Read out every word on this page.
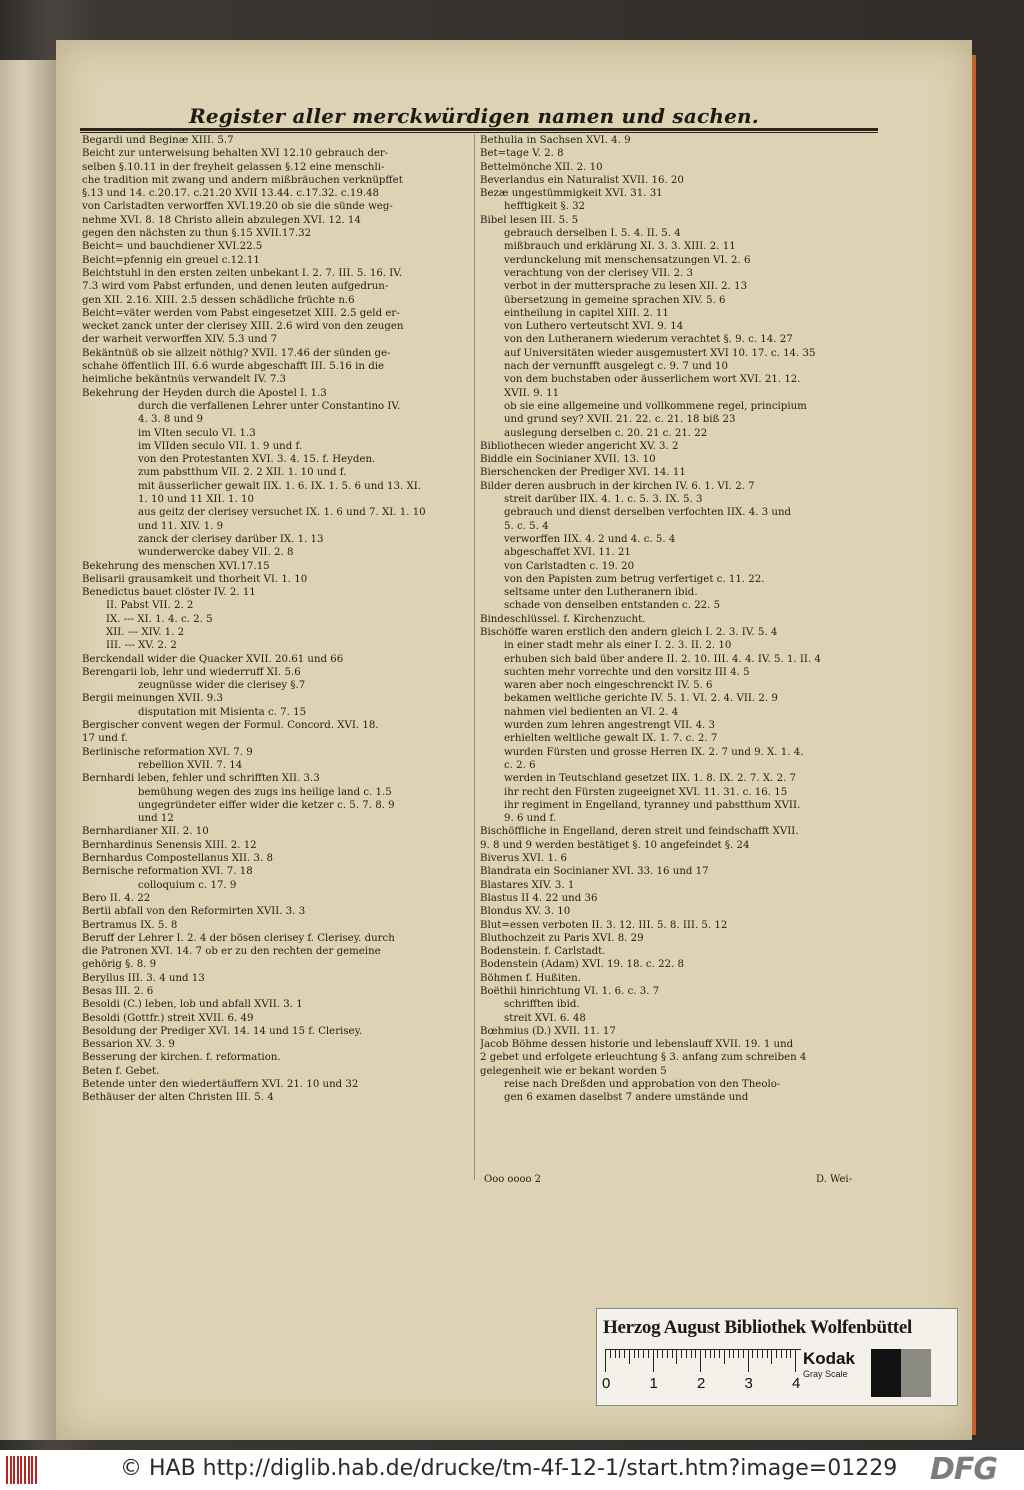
Register aller merckwürdigen namen und sachen.
Begardi und Beginæ XIII. 5.7
Beicht zur unterweisung behalten XVI 12.10 gebrauch der-
selben §.10.11 in der freyheit gelassen §.12 eine menschli-
che tradition mit zwang und andern mißbräuchen verknüpffet
§.13 und 14. c.20.17. c.21.20 XVII 13.44. c.17.32. c.19.48
von Carlstadten verworffen XVI.19.20 ob sie die sünde weg-
nehme XVI. 8. 18 Christo allein abzulegen XVI. 12. 14
gegen den nächsten zu thun §.15 XVII.17.32
Beicht= und bauchdiener XVI.22.5
Beicht=pfennig ein greuel c.12.11
Beichtstuhl in den ersten zeiten unbekant I. 2. 7. III. 5. 16. IV.
7.3 wird vom Pabst erfunden, und denen leuten aufgedrun-
gen XII. 2.16. XIII. 2.5 dessen schädliche früchte n.6
Beicht=väter werden vom Pabst eingesetzet XIII. 2.5 geld er-
wecket zanck unter der clerisey XIII. 2.6 wird von den zeugen
der warheit verworffen XIV. 5.3 und 7
Bekäntnüß ob sie allzeit nöthig? XVII. 17.46 der sünden ge-
schahe öffentlich III. 6.6 wurde abgeschafft III. 5.16 in die
heimliche bekäntnüs verwandelt IV. 7.3
Bekehrung der Heyden durch die Apostel I. 1.3
durch die verfallenen Lehrer unter Constantino IV.
4. 3. 8 und 9
im VIten seculo VI. 1.3
im VIIden seculo VII. 1. 9 und f.
von den Protestanten XVI. 3. 4. 15. f. Heyden.
zum pabstthum VII. 2. 2 XII. 1. 10 und f.
mit äusserlicher gewalt IIX. 1. 6. IX. 1. 5. 6 und 13. XI.
1. 10 und 11 XII. 1. 10
aus geitz der clerisey versuchet IX. 1. 6 und 7. XI. 1. 10
und 11. XIV. 1. 9
zanck der clerisey darüber IX. 1. 13
wunderwercke dabey VII. 2. 8
Bekehrung des menschen XVI.17.15
Belisarii grausamkeit und thorheit VI. 1. 10
Benedictus bauet clöster IV. 2. 11
II. Pabst VII. 2. 2
IX. --- XI. 1. 4. c. 2. 5
XII. --- XIV. 1. 2
III. --- XV. 2. 2
Berckendall wider die Quacker XVII. 20.61 und 66
Berengarii lob, lehr und wiederruff XI. 5.6
zeugnüsse wider die clerisey §.7
Bergii meinungen XVII. 9.3
disputation mit Misienta c. 7. 15
Bergischer convent wegen der Formul. Concord. XVI. 18.
17 und f.
Berlinische reformation XVI. 7. 9
rebellion XVII. 7. 14
Bernhardi leben, fehler und schrifften XII. 3.3
bemühung wegen des zugs ins heilige land c. 1.5
ungegründeter eiffer wider die ketzer c. 5. 7. 8. 9
und 12
Bernhardianer XII. 2. 10
Bernhardinus Senensis XIII. 2. 12
Bernhardus Compostellanus XII. 3. 8
Bernische reformation XVI. 7. 18
colloquium c. 17. 9
Bero II. 4. 22
Bertii abfall von den Reformirten XVII. 3. 3
Bertramus IX. 5. 8
Beruff der Lehrer I. 2. 4 der bösen clerisey f. Clerisey. durch
die Patronen XVI. 14. 7 ob er zu den rechten der gemeine
gehörig §. 8. 9
Beryllus III. 3. 4 und 13
Besas III. 2. 6
Besoldi (C.) leben, lob und abfall XVII. 3. 1
Besoldi (Gottfr.) streit XVII. 6. 49
Besoldung der Prediger XVI. 14. 14 und 15 f. Clerisey.
Bessarion XV. 3. 9
Besserung der kirchen. f. reformation.
Beten f. Gebet.
Betende unter den wiedertäuffern XVI. 21. 10 und 32
Bethäuser der alten Christen III. 5. 4
Bethulia in Sachsen XVI. 4. 9
Bet=tage V. 2. 8
Bettelmönche XII. 2. 10
Beverlandus ein Naturalist XVII. 16. 20
Bezæ ungestümmigkeit XVI. 31. 31
hefftigkeit §. 32
Bibel lesen III. 5. 5
gebrauch derselben I. 5. 4. II. 5. 4
mißbrauch und erklärung XI. 3. 3. XIII. 2. 11
verdunckelung mit menschensatzungen VI. 2. 6
verachtung von der clerisey VII. 2. 3
verbot in der muttersprache zu lesen XII. 2. 13
übersetzung in gemeine sprachen XIV. 5. 6
eintheilung in capitel XIII. 2. 11
von Luthero verteutscht XVI. 9. 14
von den Lutheranern wiederum verachtet §. 9. c. 14. 27
auf Universitäten wieder ausgemustert XVI 10. 17. c. 14. 35
nach der vernunfft ausgelegt c. 9. 7 und 10
von dem buchstaben oder äusserlichem wort XVI. 21. 12.
XVII. 9. 11
ob sie eine allgemeine und vollkommene regel, principium
und grund sey? XVII. 21. 22. c. 21. 18 biß 23
auslegung derselben c. 20. 21 c. 21. 22
Bibliothecen wieder angericht XV. 3. 2
Biddle ein Socinianer XVII. 13. 10
Bierschencken der Prediger XVI. 14. 11
Bilder deren ausbruch in der kirchen IV. 6. 1. VI. 2. 7
streit darüber IIX. 4. 1. c. 5. 3. IX. 5. 3
gebrauch und dienst derselben verfochten IIX. 4. 3 und
5. c. 5. 4
verworffen IIX. 4. 2 und 4. c. 5. 4
abgeschaffet XVI. 11. 21
von Carlstadten c. 19. 20
von den Papisten zum betrug verfertiget c. 11. 22.
seltsame unter den Lutheranern ibid.
schade von denselben entstanden c. 22. 5
Bindeschlüssel. f. Kirchenzucht.
Bischöffe waren erstlich den andern gleich I. 2. 3. IV. 5. 4
in einer stadt mehr als einer I. 2. 3. II. 2. 10
erhuben sich bald über andere II. 2. 10. III. 4. 4. IV. 5. 1. II. 4
suchten mehr vorrechte und den vorsitz III 4. 5
waren aber noch eingeschrenckt IV. 5. 6
bekamen weltliche gerichte IV. 5. 1. VI. 2. 4. VII. 2. 9
nahmen viel bedienten an VI. 2. 4
wurden zum lehren angestrengt VII. 4. 3
erhielten weltliche gewalt IX. 1. 7. c. 2. 7
wurden Fürsten und grosse Herren IX. 2. 7 und 9. X. 1. 4.
c. 2. 6
werden in Teutschland gesetzet IIX. 1. 8. IX. 2. 7. X. 2. 7
ihr recht den Fürsten zugeeignet XVI. 11. 31. c. 16. 15
ihr regiment in Engelland, tyranney und pabstthum XVII.
9. 6 und f.
Bischöffliche in Engelland, deren streit und feindschafft XVII.
9. 8 und 9 werden bestätiget §. 10 angefeindet §. 24
Biverus XVI. 1. 6
Blandrata ein Socinianer XVI. 33. 16 und 17
Blastares XIV. 3. 1
Blastus II 4. 22 und 36
Blondus XV. 3. 10
Blut=essen verboten II. 3. 12. III. 5. 8. III. 5. 12
Bluthochzeit zu Paris XVI. 8. 29
Bodenstein. f. Carlstadt.
Bodenstein (Adam) XVI. 19. 18. c. 22. 8
Böhmen f. Hußiten.
Boëthii hinrichtung VI. 1. 6. c. 3. 7
schrifften ibid.
streit XVI. 6. 48
Bœhmius (D.) XVII. 11. 17
Jacob Böhme dessen historie und lebenslauff XVII. 19. 1 und
2 gebet und erfolgete erleuchtung § 3. anfang zum schreiben 4
gelegenheit wie er bekant worden 5
reise nach Dreßden und approbation von den Theolo-
gen 6 examen daselbst 7 andere umstände und
Ooo oooo 2	D. Wei-
Herzog August Bibliothek Wolfenbüttel
0	1	2	3	4
Kodak
Gray Scale
© HAB http://diglib.hab.de/drucke/tm-4f-12-1/start.htm?image=01229 DFG
